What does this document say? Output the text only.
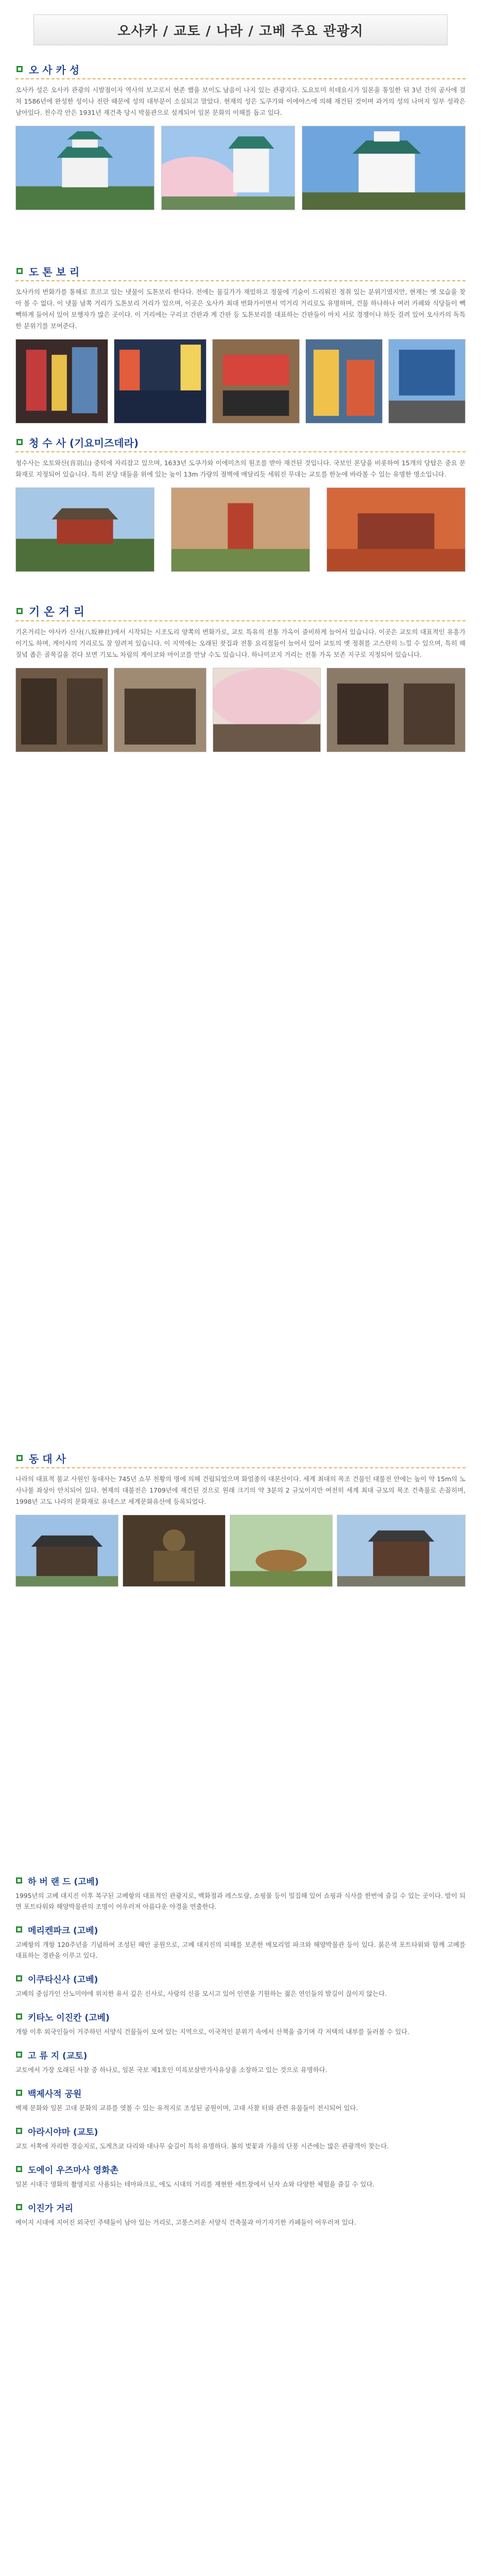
오사카 / 교토 / 나라 / 고베 주요 관광지
오 사 카 성

오사카 성은 오사카 관광의 시발점이자 역사의 보고로서 현존 했을 보이도 남음이 나지 있는 관광지다. 도요토미 히데요시가 일본을 통일한 뒤 3년 간의 공사에 걸쳐 1586년에 완성한 성이나 전란 때문에 성의 대부분이 소실되고 말았다. 현재의 성은 도쿠가와 이에야스에 의해 재건된 것이며 과거의 성의 나머지 일부 성곽은 남아있다. 천수각 안은 1931년 재건축 당시 박물관으로 설계되어 일본 문화의 이해를 돕고 있다.

도 톤 보 리

오사카의 번화가를 통해로 흐르고 있는 냇물이 도톤보리 한다다. 전에는 물길가가 재밌하고 정물에 기술이 드리워진 정취 있는 분위기였지만, 현재는 옛 모습을 찾아 볼 수 없다. 이 냇물 남쪽 거리가 도톤보리 거리가 있으며, 이곳은 오사카 최대 번화가이면서 먹거리 거리로도 유명하며, 건물 하나하나 여러 카페와 식당들이 빽빽하게 들어서 있어 보행자가 많은 곳이다. 이 거리에는 구리코 간판과 게 간판 등 도톤보리를 대표하는 간판들이 마치 서로 경쟁이나 하듯 걸려 있어 오사카의 독특한 분위기를 보여준다.

청 수 사 (기요미즈데라)

청수사는 오토와산(音羽山) 중턱에 자리잡고 있으며, 1633년 도쿠가와 이에미츠의 원조를 받아 재건된 것입니다. 국보인 본당을 비롯하여 15개의 당탑은 중요 문화재로 지정되어 있습니다. 특히 본당 대들을 위에 있는 높이 13m 가량의 절벽에 매달리듯 세워진 무대는 교토를 한눈에 바라볼 수 있는 유명한 명소입니다.

기 온 거 리

기온거리는 야사카 신사(八坂神社)에서 시작되는 시조도리 양쪽의 번화가로, 교토 특유의 전통 가옥이 즐비하게 늘어서 있습니다. 이곳은 교토의 대표적인 유흥가이기도 하며, 게이샤의 거리로도 잘 알려져 있습니다. 이 지역에는 오래된 찻집과 전통 요리점들이 늘어서 있어 교토의 옛 정취를 고스란히 느낄 수 있으며, 특히 해질녘 좁은 골목길을 걷다 보면 기모노 차림의 게이코와 마이코를 만날 수도 있습니다. 하나미코지 거리는 전통 가옥 보존 지구로 지정되어 있습니다.

동 대 사

나라의 대표적 불교 사원인 동대사는 745년 쇼무 천황의 명에 의해 건립되었으며 화엄종의 대본산이다. 세계 최대의 목조 건물인 대불전 안에는 높이 약 15m의 노사나불 좌상이 안치되어 있다. 현재의 대불전은 1709년에 재건된 것으로 원래 크기의 약 3분의 2 규모이지만 여전히 세계 최대 규모의 목조 건축물로 손꼽히며, 1998년 고도 나라의 문화재로 유네스코 세계문화유산에 등록되었다.

하 버 랜 드 (고베)
1995년의 고베 대지진 이후 복구된 고베항의 대표적인 관광지로, 백화점과 레스토랑, 쇼핑몰 등이 밀집해 있어 쇼핑과 식사를 한번에 즐길 수 있는 곳이다. 밤이 되면 포트타워와 해양박물관의 조명이 어우러져 아름다운 야경을 연출한다.
메리켄파크 (고베)
고베항의 개항 120주년을 기념하여 조성된 해안 공원으로, 고베 대지진의 피해를 보존한 메모리얼 파크와 해양박물관 등이 있다. 붉은색 포트타워와 함께 고베를 대표하는 경관을 이루고 있다.
이쿠타신사 (고베)
고베의 중심가인 산노미야에 위치한 유서 깊은 신사로, 사랑의 신을 모시고 있어 인연을 기원하는 젊은 연인들의 발길이 끊이지 않는다.
키타노 이진칸 (고베)
개항 이후 외국인들이 거주하던 서양식 건물들이 모여 있는 지역으로, 이국적인 분위기 속에서 산책을 즐기며 각 저택의 내부를 둘러볼 수 있다.
고 류 지 (교토)
교토에서 가장 오래된 사찰 중 하나로, 일본 국보 제1호인 미륵보살반가사유상을 소장하고 있는 것으로 유명하다.
백제사적 공원
백제 문화와 일본 고대 문화의 교류를 엿볼 수 있는 유적지로 조성된 공원이며, 고대 사찰 터와 관련 유물들이 전시되어 있다.
아라시야마 (교토)
교토 서쪽에 자리한 경승지로, 도게츠쿄 다리와 대나무 숲길이 특히 유명하다. 봄의 벚꽃과 가을의 단풍 시즌에는 많은 관광객이 찾는다.
도에이 우즈마사 영화촌
일본 시대극 영화의 촬영지로 사용되는 테마파크로, 에도 시대의 거리를 재현한 세트장에서 닌자 쇼와 다양한 체험을 즐길 수 있다.
이진가 거리
메이지 시대에 지어진 외국인 주택들이 남아 있는 거리로, 고풍스러운 서양식 건축물과 아기자기한 카페들이 어우러져 있다.
